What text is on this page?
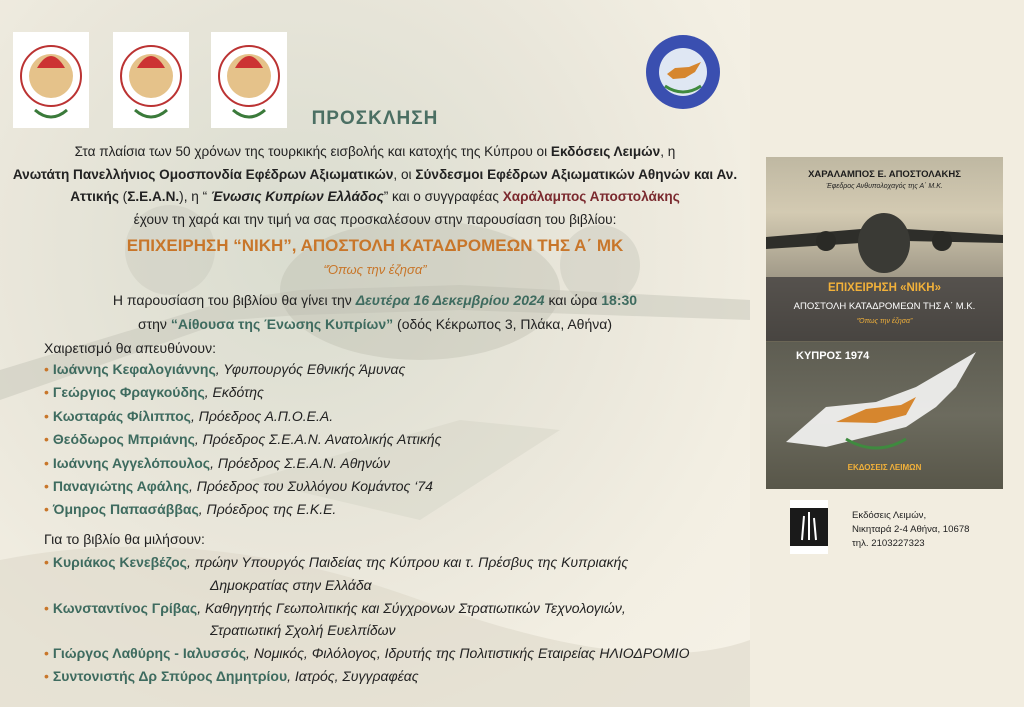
ΠΡΟΣΚΛΗΣΗ
Στα πλαίσια των 50 χρόνων της τουρκικής εισβολής και κατοχής της Κύπρου οι Εκδόσεις Λειμών, η
Ανωτάτη Πανελλήνιος Ομοσπονδία Εφέδρων Αξιωματικών, οι Σύνδεσμοι Εφέδρων Αξιωματικών Αθηνών και Αν. Αττικής (Σ.Ε.Α.Ν.), η “ Ένωσις Κυπρίων Ελλάδος” και ο συγγραφέας Χαράλαμπος Αποστολάκης
έχουν τη χαρά και την τιμή να σας προσκαλέσουν στην παρουσίαση του βιβλίου:
ΕΠΙΧΕΙΡΗΣΗ “ΝΙΚΗ”, ΑΠΟΣΤΟΛΗ ΚΑΤΑΔΡΟΜΕΩΝ ΤΗΣ Α΄ ΜΚ
“Όπως την έζησα”
Η παρουσίαση του βιβλίου θα γίνει την Δευτέρα 16 Δεκεμβρίου 2024 και ώρα 18:30
στην “Αίθουσα της Ένωσης Κυπρίων” (οδός Κέκρωπος 3, Πλάκα, Αθήνα)
Χαιρετισμό θα απευθύνουν:
• Ιωάννης Κεφαλογιάννης, Υφυπουργός Εθνικής Άμυνας
• Γεώργιος Φραγκούδης, Εκδότης
• Κωσταράς Φίλιππος, Πρόεδρος Α.Π.Ο.Ε.Α.
• Θεόδωρος Μπριάνης, Πρόεδρος Σ.Ε.Α.Ν. Ανατολικής Αττικής
• Ιωάννης Αγγελόπουλος, Πρόεδρος Σ.Ε.Α.Ν. Αθηνών
• Παναγιώτης Αφάλης, Πρόεδρος του Συλλόγου Κομάντος ‘74
• Όμηρος Παπασάββας, Πρόεδρος της Ε.Κ.Ε.
Για το βιβλίο θα μιλήσουν:
• Κυριάκος Κενεβέζος, πρώην Υπουργός Παιδείας της Κύπρου και τ. Πρέσβυς της Κυπριακής
Δημοκρατίας στην Ελλάδα
• Κωνσταντίνος Γρίβας, Καθηγητής Γεωπολιτικής και Σύγχρονων Στρατιωτικών Τεχνολογιών,
Στρατιωτική Σχολή Ευελπίδων
• Γιώργος Λαθύρης - Ιαλυσσός, Νομικός, Φιλόλογος, Ιδρυτής της Πολιτιστικής Εταιρείας ΗΛΙΟΔΡΟΜΙΟ
• Συντονιστής Δρ Σπύρος Δημητρίου, Ιατρός, Συγγραφέας
ΧΑΡΑΛΑΜΠΟΣ Ε. ΑΠΟΣΤΟΛΑΚΗΣ
Έφεδρος Ανθυπολοχαγός της Α΄ Μ.Κ.
ΕΠΙΧΕΙΡΗΣΗ «ΝΙΚΗ»
ΑΠΟΣΤΟΛΗ ΚΑΤΑΔΡΟΜΕΩΝ ΤΗΣ Α΄ Μ.Κ.
“Όπως την έζησα”
ΚΥΠΡΟΣ 1974
ΕΚΔΟΣΕΙΣ ΛΕΙΜΩΝ
Εκδόσεις Λειμών,
Νικηταρά 2-4 Αθήνα, 10678
τηλ. 2103227323
